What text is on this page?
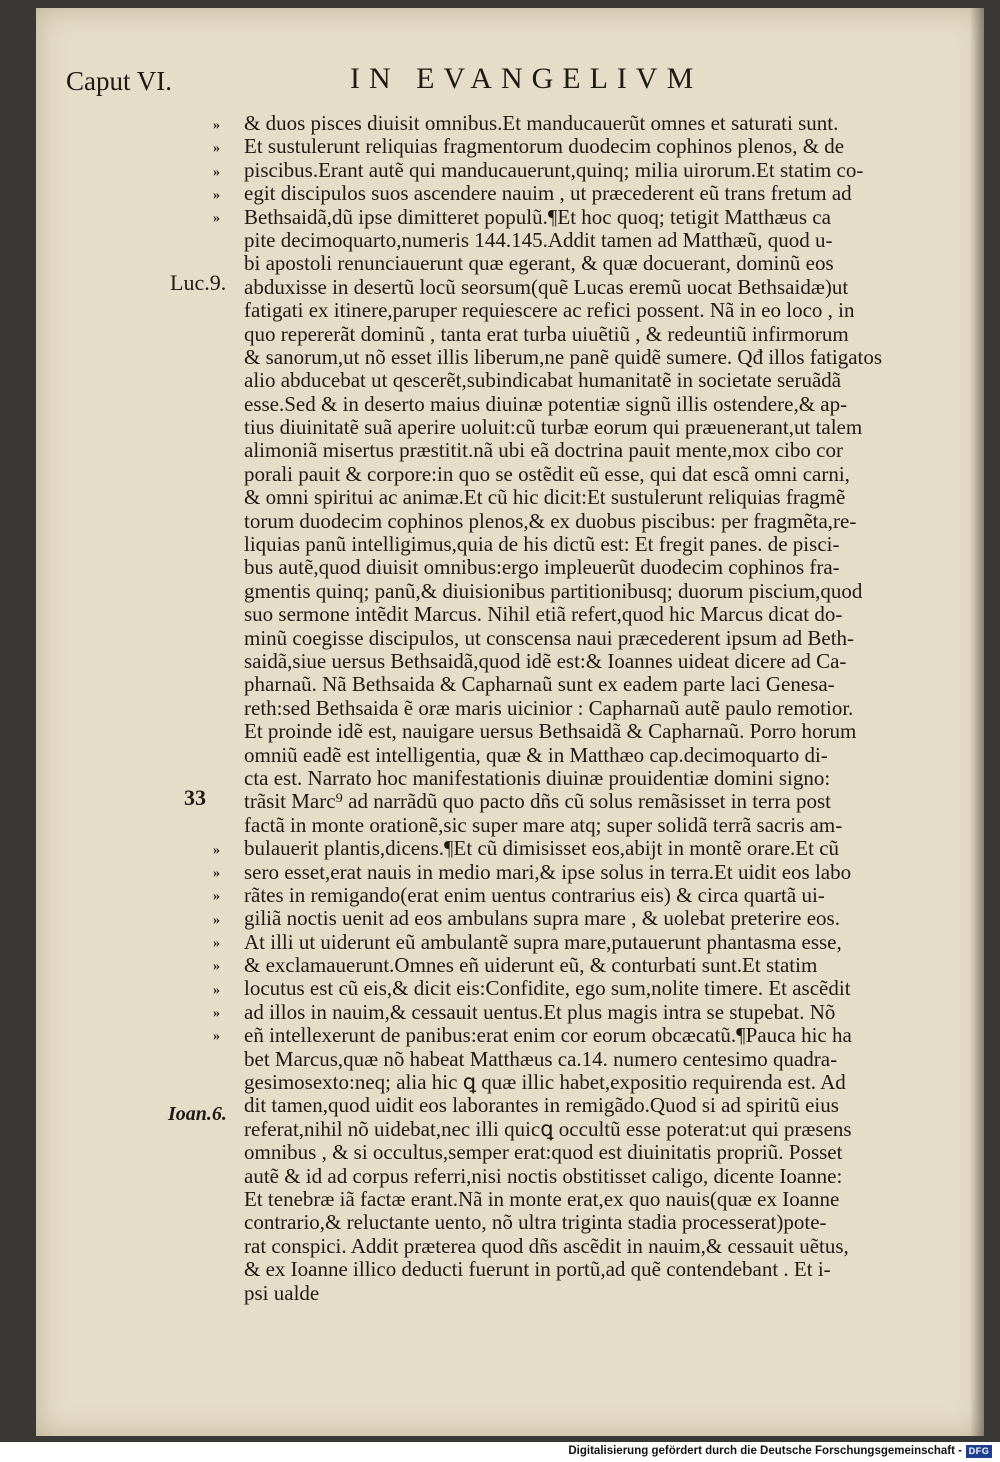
Caput VI.	IN EVANGELIVM
Luc.9.
33
Ioan.6.
»
»
»
»
»
»
»
»
»
»
»
»
»
»
& duos pisces diuisit omnibus.Et manducauerũt omnes et saturati sunt.
Et sustulerunt reliquias fragmentorum duodecim cophinos plenos, & de
piscibus.Erant autẽ qui manducauerunt,quinq; milia uirorum.Et statim co-
egit discipulos suos ascendere nauim , ut præcederent eũ trans fretum ad
Bethsaidã,dũ ipse dimitteret populũ.¶Et hoc quoq; tetigit Matthæus ca
pite decimoquarto,numeris 144.145.Addit tamen ad Matthæũ, quod u-
bi apostoli renunciauerunt quæ egerant, & quæ docuerant, dominũ eos
abduxisse in desertũ locũ seorsum(quẽ Lucas eremũ uocat Bethsaidæ)ut
fatigati ex itinere,paruper requiescere ac refici possent. Nã in eo loco , in
quo repererãt dominũ , tanta erat turba uiuẽtiũ , & redeuntiũ infirmorum
& sanorum,ut nõ esset illis liberum,ne panẽ quidẽ sumere. Qđ illos fatigatos
alio abducebat ut qescerẽt,subindicabat humanitatẽ in societate seruãdã
esse.Sed & in deserto maius diuinæ potentiæ signũ illis ostendere,& ap-
tius diuinitatẽ suã aperire uoluit:cũ turbæ eorum qui præuenerant,ut talem
alimoniã misertus præstitit.nã ubi eã doctrina pauit mente,mox cibo cor
porali pauit & corpore:in quo se ostẽdit eũ esse, qui dat escã omni carni,
& omni spiritui ac animæ.Et cũ hic dicit:Et sustulerunt reliquias fragmẽ
torum duodecim cophinos plenos,& ex duobus piscibus: per fragmẽta,re-
liquias panũ intelligimus,quia de his dictũ est: Et fregit panes. de pisci-
bus autẽ,quod diuisit omnibus:ergo impleuerũt duodecim cophinos fra-
gmentis quinq; panũ,& diuisionibus partitionibusq; duorum piscium,quod
suo sermone intẽdit Marcus. Nihil etiã refert,quod hic Marcus dicat do-
minũ coegisse discipulos, ut conscensa naui præcederent ipsum ad Beth-
saidã,siue uersus Bethsaidã,quod idẽ est:& Ioannes uideat dicere ad Ca-
pharnaũ. Nã Bethsaida & Capharnaũ sunt ex eadem parte laci Genesa-
reth:sed Bethsaida ẽ oræ maris uicinior : Capharnaũ autẽ paulo remotior.
Et proinde idẽ est, nauigare uersus Bethsaidã & Capharnaũ. Porro horum
omniũ eadẽ est intelligentia, quæ & in Matthæo cap.decimoquarto di-
cta est. Narrato hoc manifestationis diuinæ prouidentiæ domini signo:
trãsit Marc⁹ ad narrãdũ quo pacto dñs cũ solus remãsisset in terra post
factã in monte orationẽ,sic super mare atq; super solidã terrã sacris am-
bulauerit plantis,dicens.¶Et cũ dimisisset eos,abijt in montẽ orare.Et cũ
sero esset,erat nauis in medio mari,& ipse solus in terra.Et uidit eos labo
rãtes in remigando(erat enim uentus contrarius eis) & circa quartã ui-
giliã noctis uenit ad eos ambulans supra mare , & uolebat preterire eos.
At illi ut uiderunt eũ ambulantẽ supra mare,putauerunt phantasma esse,
& exclamauerunt.Omnes eñ uiderunt eũ, & conturbati sunt.Et statim
locutus est cũ eis,& dicit eis:Confidite, ego sum,nolite timere. Et ascẽdit
ad illos in nauim,& cessauit uentus.Et plus magis intra se stupebat. Nõ
eñ intellexerunt de panibus:erat enim cor eorum obcæcatũ.¶Pauca hic ha
bet Marcus,quæ nõ habeat Matthæus ca.14. numero centesimo quadra-
gesimosexto:neq; alia hic ꝗ quæ illic habet,expositio requirenda est. Ad
dit tamen,quod uidit eos laborantes in remigãdo.Quod si ad spiritũ eius
referat,nihil nõ uidebat,nec illi quicꝗ occultũ esse poterat:ut qui præsens
omnibus , & si occultus,semper erat:quod est diuinitatis propriũ. Posset
autẽ & id ad corpus referri,nisi noctis obstitisset caligo, dicente Ioanne:
Et tenebræ iã factæ erant.Nã in monte erat,ex quo nauis(quæ ex Ioanne
contrario,& reluctante uento, nõ ultra triginta stadia processerat)pote-
rat conspici. Addit præterea quod dñs ascẽdit in nauim,& cessauit uẽtus,
& ex Ioanne illico deducti fuerunt in portũ,ad quẽ contendebant . Et i-
psi ualde
Digitalisierung gefördert durch die Deutsche Forschungsgemeinschaft - DFG
